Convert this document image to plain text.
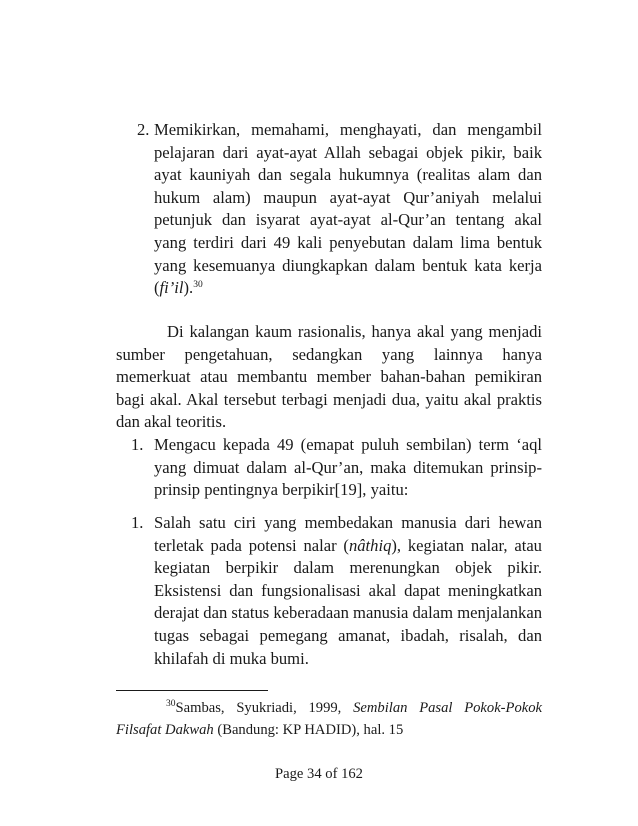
2. Memikirkan, memahami, menghayati, dan mengambil pelajaran dari ayat-ayat Allah sebagai objek pikir, baik ayat kauniyah dan segala hukumnya (realitas alam dan hukum alam) maupun ayat-ayat Qur’aniyah melalui petunjuk dan isyarat ayat-ayat al-Qur’an tentang akal yang terdiri dari 49 kali penyebutan dalam lima bentuk yang kesemuanya diungkapkan dalam bentuk kata kerja (fi’il).$^{30}$
Di kalangan kaum rasionalis, hanya akal yang menjadi sumber pengetahuan, sedangkan yang lainnya hanya memerkuat atau membantu member bahan-bahan pemikiran bagi akal. Akal tersebut terbagi menjadi dua, yaitu akal praktis dan akal teoritis.
1. Mengacu kepada 49 (emapat puluh sembilan) term ‘aql yang dimuat dalam al-Qur’an, maka ditemukan prinsip-prinsip pentingnya berpikir[19], yaitu:
1. Salah satu ciri yang membedakan manusia dari hewan terletak pada potensi nalar (nâthiq), kegiatan nalar, atau kegiatan berpikir dalam merenungkan objek pikir. Eksistensi dan fungsionalisasi akal dapat meningkatkan derajat dan status keberadaan manusia dalam menjalankan tugas sebagai pemegang amanat, ibadah, risalah, dan khilafah di muka bumi.
$^{30}$Sambas, Syukriadi, 1999, Sembilan Pasal Pokok-Pokok Filsafat Dakwah (Bandung: KP HADID), hal. 15
Page 34 of 162
